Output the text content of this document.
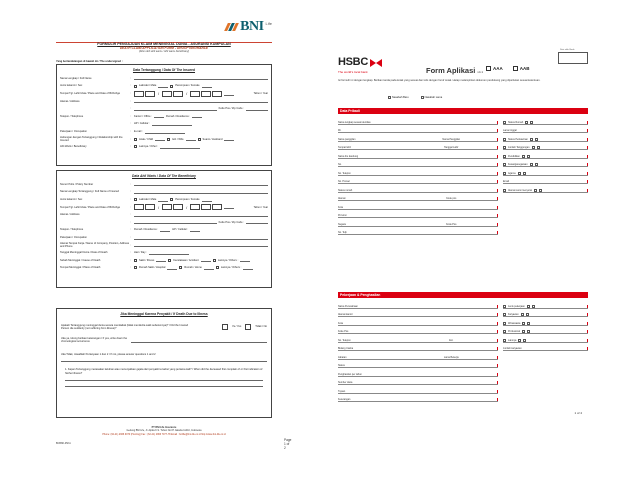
BNI Life
FORMULIR PENGAJUAN KLAIM MENINGGAL DUNIA - ASURANSI KUMPULAN
DEATH CLAIM APPLICATION FORM - GROUP INSURANCE
(Diisi oleh ahli waris / Ahli waris beneficiary)
Yang bertandatangan di bawah ini / The undersigned :
Data Tertanggung / Data Of The Insured
Nama Lengkap / Full Name	:
Jenis kelamin / Sex	:	Laki-laki / Male	Perempuan / Female
Tempat Tgl. Lahir/Usia / Place and Date of Birth/Age	:	/	/	Tahun / Year
Alamat / Address	:
:	Kode Pos / Zip Code :
Telepon / Telephone	:	Kantor / Office :	Rumah / Residence :
:	HP / Cellular :
Pekerjaan / Occupation	:	E-mail :
Hubungan dengan Tertanggung / Relationship with the Insured
:	Anak / Child	Istri / Wife	Suami / Husband
Ahli Waris / Beneficiary	:	Lainnya / Other :
Data Ahli Waris / Data Of The Beneficiary
Nomor Polis / Policy Number	:
Nama Lengkap Tertanggung / Full Name of Insured	:
Jenis kelamin / Sex	:	Laki-laki / Male	Perempuan / Female
Tempat Tgl. Lahir/Usia / Place and Date of Birth/Age	:	/	/	Tahun / Year
Alamat / Address	:
:	Kode Pos / Zip Code :
Telepon / Telephone	:	Rumah / Residence :	HP / Cellular :
Pekerjaan / Occupation	:
Alamat Tempat Kerja / Name of Company, Position, Address and Phone
:
Tanggal Meninggal Dunia / Date of Death	:	Hari / Day :
Sebab Meninggal / Cause of Death	:	Sakit / Illness	Kecelakaan / Accident	Lainnya / Others :
Tempat Meninggal / Place of Death	:	Rumah Sakit / Hospital	Rumah / Home	Lainnya / Others :
Jika Meninggal Karena Penyakit / If Death Due to Illness
Apakah Tertanggung meninggal dunia secara mendadak (tidak menderita sakit sebelumnya)? / Did the Insured Person die suddenly (not suffering from illness)?
Ya / Yes	Tidak / No
Jika ya, tolong berikan keterangan / If yes, write down the chronological occurrence
Jika Tidak, Jawablah Pertanyaan 1 dan 2 / If not, please answer questions 1 and 2
1. Kapan Tertanggung merasakan keluhan atau menunjukkan gejala dari penyakit tersebut yang pertama kali? / When did the deceased first complain of or first indication of his/her illness?
PT BNI Life Insurance
Gedung BNI Life, Jl. Aipda K.S. Tubun No.67 Jakarta 11410, Indonesia
Phone: (62-21) 2966 9070 (Hunting) Fax : (62-21) 2966 7077-78 Email : bnilife@bni-life.co.id http://www.bni-life.co.id
BCBNF-05/11
Page 1 of 2
HSBC
The world's local bank	Form Aplikasi v4.1
AAA	AAB
Diisi oleh Bank
Isi formulir ini dengan lengkap. Berikan tanda pada kotak yang sesuai dan tulis dengan huruf cetak. Harap melampirkan dokumen pendukung yang diperlukan sesuai ketentuan.
Nasabah Baru	Nasabah Lama
Data Pribadi
Nama lengkap sesuai identitas
Mr.
Nama panggilan	Nama Panggilan
Tempat lahir	Tanggal Lahir
Nama ibu kandung
No.
No. Telepon
No. Ponsel
Status rumah
Alamat	Kode pos
Kota
Provinsi
Negara	Kode Pos
No. Telp
Status Rumah
Lama tinggal
Status Perkawinan
Jumlah Tanggungan
Pendidikan
Kewarganegaraan
Agama
Email
Alamat surat menyurat
Pekerjaan & Penghasilan
Nama Perusahaan
Alamat kantor
Kota
Kode Pos
No. Telepon	Ext.
Bidang Usaha
Jabatan	Lama Bekerja
Status
Penghasilan per tahun
Sumber dana
Tujuan
Keterangan
Jenis pekerjaan
Karyawan
Wiraswasta
Profesional
Lainnya
Jumlah karyawan
1 of 4
